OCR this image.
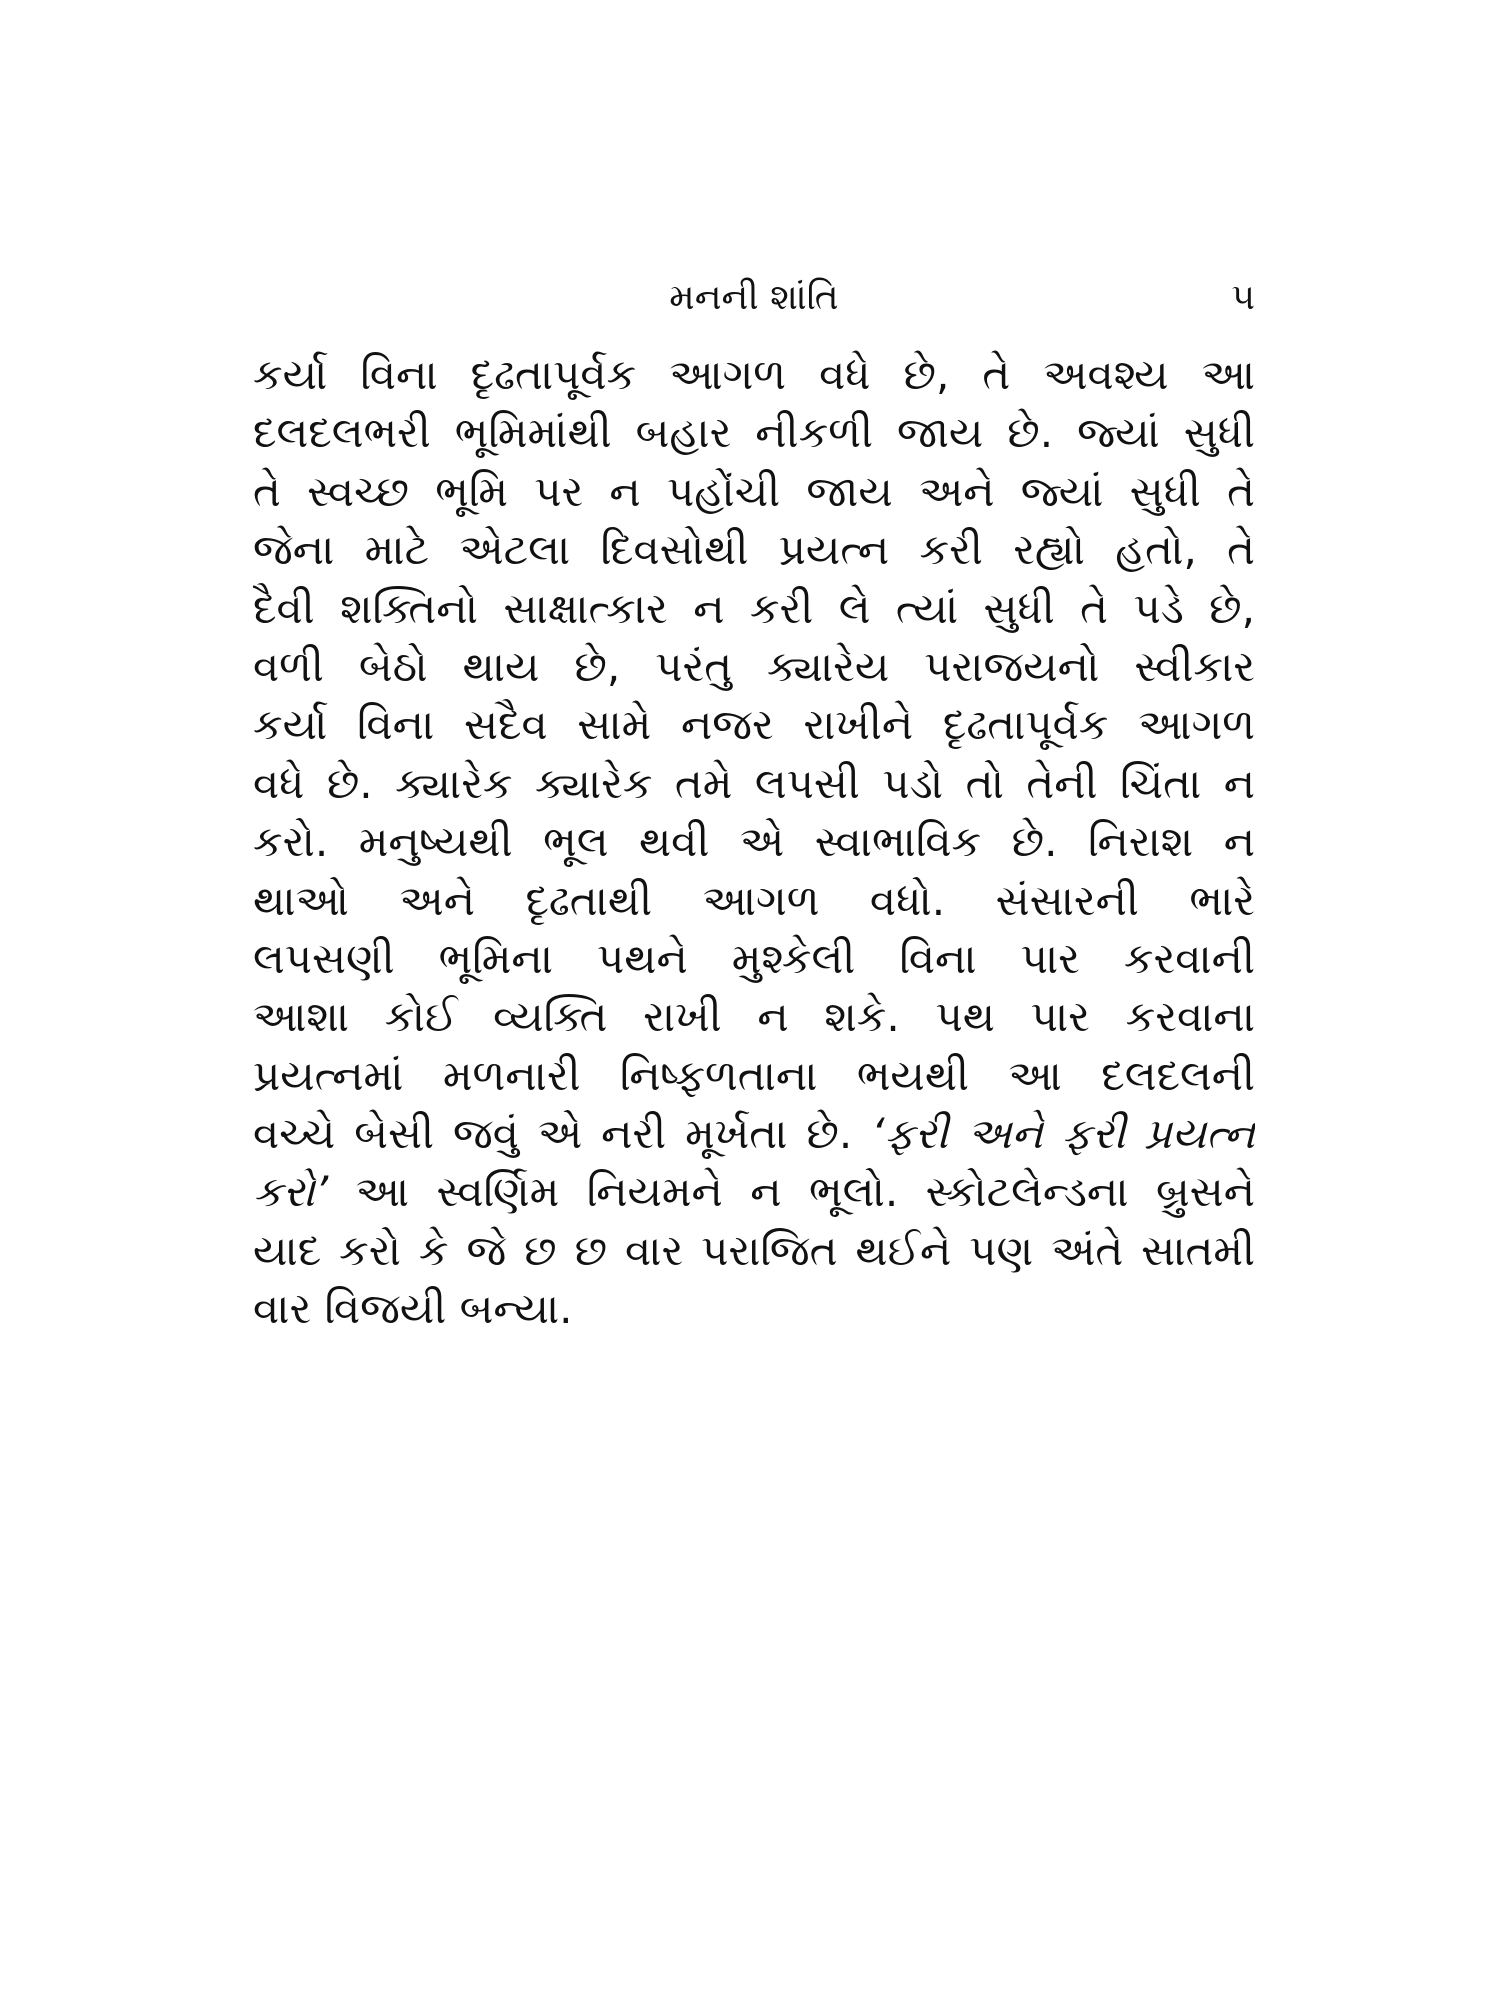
મનની શાંતિ	૫
કર્યા વિના દૃઢતાપૂર્વક આગળ વધે છે, તે અવશ્ય આ
દલદલભરી ભૂમિમાંથી બહાર નીકળી જાય છે. જ્યાં સુધી
તે સ્વચ્છ ભૂમિ પર ન પહોંચી જાય અને જ્યાં સુધી તે
જેના માટે એટલા દિવસોથી પ્રયત્ન કરી રહ્યો હતો, તે
દૈવી શક્તિનો સાક્ષાત્કાર ન કરી લે ત્યાં સુધી તે પડે છે,
વળી બેઠો થાય છે, પરંતુ ક્યારેય પરાજયનો સ્વીકાર
કર્યા વિના સદૈવ સામે નજર રાખીને દૃઢતાપૂર્વક આગળ
વધે છે. ક્યારેક ક્યારેક તમે લપસી પડો તો તેની ચિંતા ન
કરો. મનુષ્યથી ભૂલ થવી એ સ્વાભાવિક છે. નિરાશ ન
થાઓ અને દૃઢતાથી આગળ વધો. સંસારની ભારે
લપસણી ભૂમિના પથને મુશ્કેલી વિના પાર કરવાની
આશા કોઈ વ્યક્તિ રાખી ન શકે. પથ પાર કરવાના
પ્રયત્નમાં મળનારી નિષ્ફળતાના ભયથી આ દલદલની
વચ્ચે બેસી જવું એ નરી મૂર્ખતા છે. ‘ફરી અને ફરી પ્રયત્ન
કરો’ આ સ્વર્ણિમ નિયમને ન ભૂલો. સ્કોટલેન્ડના બ્રુસને
યાદ કરો કે જે છ છ વાર પરાજિત થઈને પણ અંતે સાતમી
વાર વિજયી બન્યા.
